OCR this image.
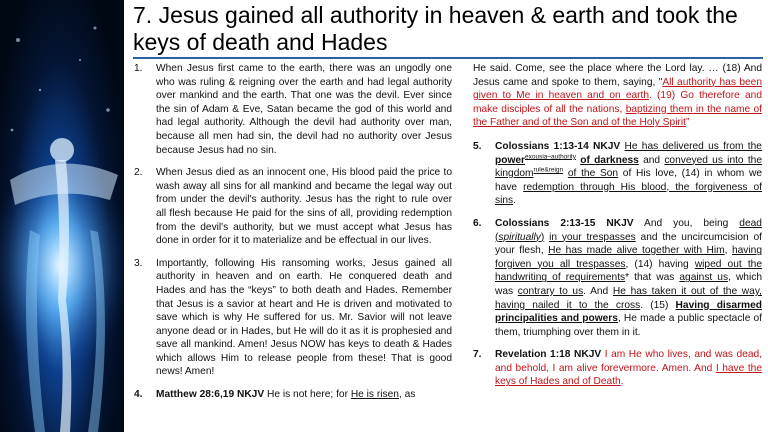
7. Jesus gained all authority in heaven & earth and took the keys of death and Hades
1. When Jesus first came to the earth, there was an ungodly one who was ruling & reigning over the earth and had legal authority over mankind and the earth. That one was the devil. Ever since the sin of Adam & Eve, Satan became the god of this world and had legal authority. Although the devil had authority over man, because all men had sin, the devil had no authority over Jesus because Jesus had no sin.
2. When Jesus died as an innocent one, His blood paid the price to wash away all sins for all mankind and became the legal way out from under the devil's authority. Jesus has the right to rule over all flesh because He paid for the sins of all, providing redemption from the devil's authority, but we must accept what Jesus has done in order for it to materialize and be effectual in our lives.
3. Importantly, following His ransoming works, Jesus gained all authority in heaven and on earth. He conquered death and Hades and has the “keys” to both death and Hades. Remember that Jesus is a savior at heart and He is driven and motivated to save which is why He suffered for us. Mr. Savior will not leave anyone dead or in Hades, but He will do it as it is prophesied and save all mankind. Amen! Jesus NOW has keys to death & Hades which allows Him to release people from these! That is good news! Amen!
4. Matthew 28:6,19 NKJV He is not here; for He is risen, as
He said. Come, see the place where the Lord lay. … (18) And Jesus came and spoke to them, saying, "All authority has been given to Me in heaven and on earth. (19) Go therefore and make disciples of all the nations, baptizing them in the name of the Father and of the Son and of the Holy Spirit”
5. Colossians 1:13-14 NKJV He has delivered us from the power$^{exousia-authority}$ of darkness and conveyed us into the kingdom$^{rule\&reign}$ of the Son of His love, (14) in whom we have redemption through His blood, the forgiveness of sins.
6. Colossians 2:13-15 NKJV And you, being dead (spiritually) in your trespasses and the uncircumcision of your flesh, He has made alive together with Him, having forgiven you all trespasses, (14) having wiped out the handwriting of requirements* that was against us, which was contrary to us. And He has taken it out of the way, having nailed it to the cross. (15) Having disarmed principalities and powers, He made a public spectacle of them, triumphing over them in it.
7. Revelation 1:18 NKJV I am He who lives, and was dead, and behold, I am alive forevermore. Amen. And I have the keys of Hades and of Death.
